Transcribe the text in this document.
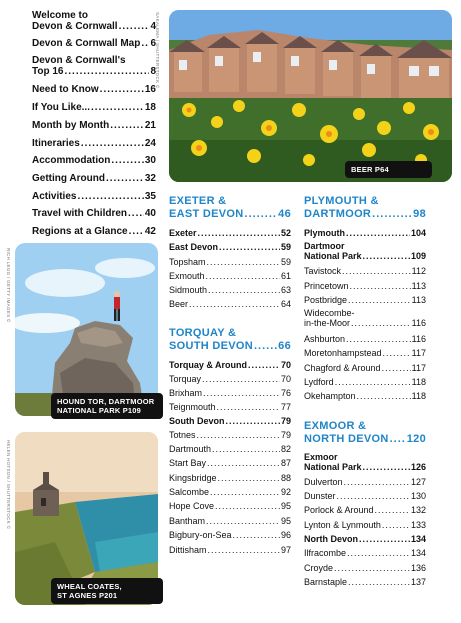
Welcome to
Devon & Cornwall .....	4
Devon & Cornwall Map ..... 6
Devon & Cornwall's
Top 16 .....	8
Need to Know .....	16
If You Like... .....	18
Month by Month .....	21
Itineraries .....	24
Accommodation .....	30
Getting Around .....	32
Activities .....	35
Travel with Children ..... 40
Regions at a Glance ..... 42
BEER P64
SAKALEMA / SHUTTERSTOCK ©
HOUND TOR, DARTMOOR
NATIONAL PARK P109
RICH LEGG / GETTY IMAGES ©
WHEAL COATES,
ST AGNES P201
HELEN HOTSON / SHUTTERSTOCK ©
EXETER &
EAST DEVON .....	46
Exeter .....	52
East Devon .....	59
Topsham .....	59
Exmouth .....	61
Sidmouth .....	63
Beer .....	64
TORQUAY &
SOUTH DEVON ..... 66
Torquay & Around .....	70
Torquay .....	70
Brixham .....	76
Teignmouth .....	77
South Devon .....	79
Totnes .....	79
Dartmouth .....	82
Start Bay .....	87
Kingsbridge .....	88
Salcombe .....	92
Hope Cove .....	95
Bantham .....	95
Bigbury-on-Sea .....	96
Dittisham .....	97
PLYMOUTH &
DARTMOOR .....	98
Plymouth .....	104
Dartmoor
National Park .....	109
Tavistock .....	112
Princetown .....	113
Postbridge .....	113
Widecombe-
in-the-Moor .....	116
Ashburton .....	116
Moretonhampstead .....	117
Chagford & Around .....	117
Lydford .....	118
Okehampton .....	118
EXMOOR &
NORTH DEVON ..... 120
Exmoor
National Park .....	126
Dulverton .....	127
Dunster .....	130
Porlock & Around .....	132
Lynton & Lynmouth .....	133
North Devon .....	134
Ilfracombe .....	134
Croyde .....	136
Barnstaple .....	137
